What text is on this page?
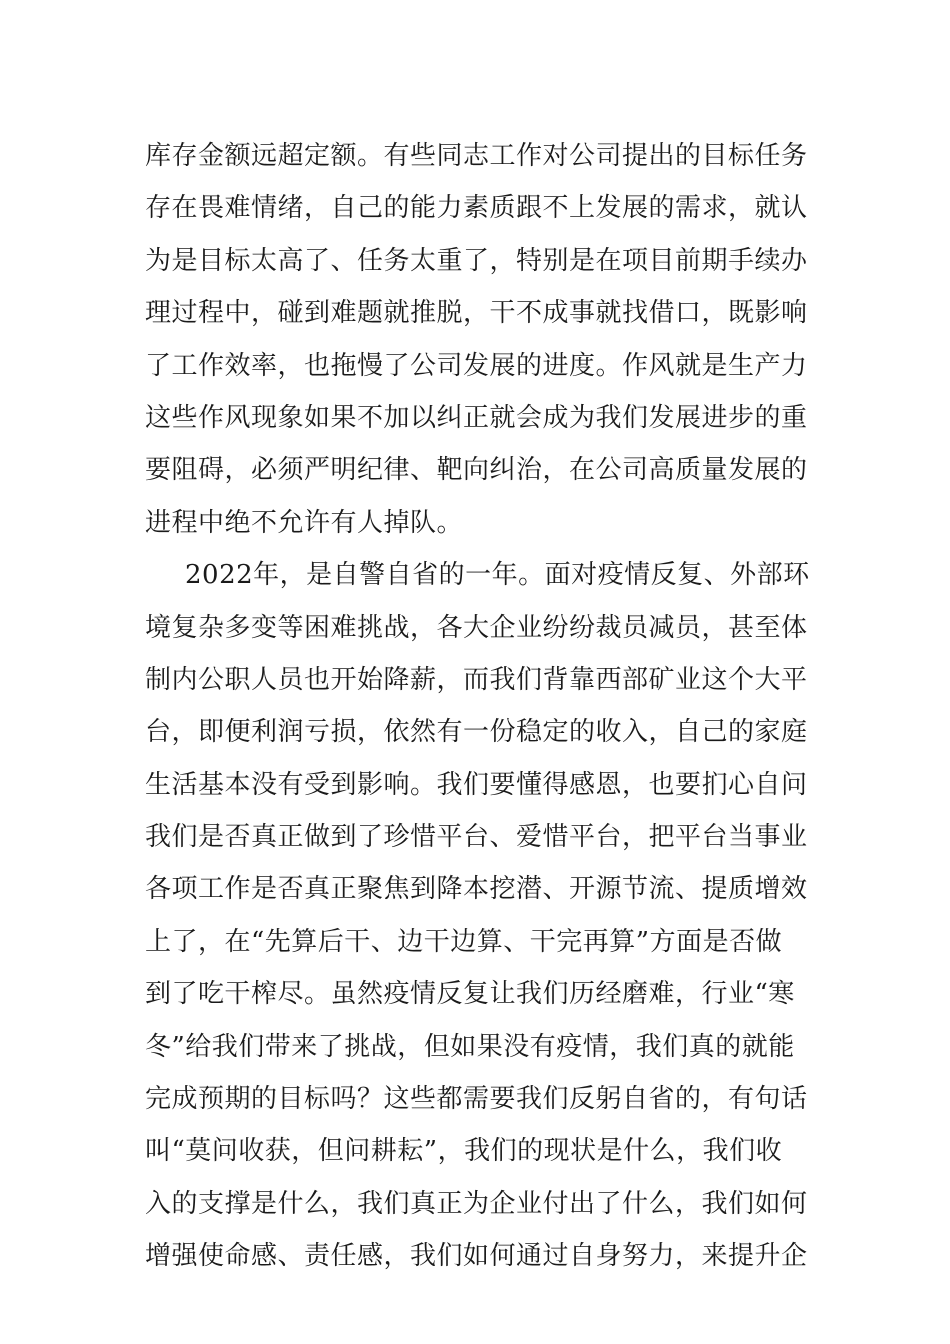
库存金额远超定额。有些同志工作对公司提出的目标任务
存在畏难情绪，自己的能力素质跟不上发展的需求，就认
为是目标太高了、任务太重了，特别是在项目前期手续办
理过程中，碰到难题就推脱，干不成事就找借口，既影响
了工作效率，也拖慢了公司发展的进度。作风就是生产力
这些作风现象如果不加以纠正就会成为我们发展进步的重
要阻碍，必须严明纪律、靶向纠治，在公司高质量发展的
进程中绝不允许有人掉队。
2022年，是自警自省的一年。面对疫情反复、外部环
境复杂多变等困难挑战，各大企业纷纷裁员减员，甚至体
制内公职人员也开始降薪，而我们背靠西部矿业这个大平
台，即便利润亏损，依然有一份稳定的收入，自己的家庭
生活基本没有受到影响。我们要懂得感恩，也要扪心自问
我们是否真正做到了珍惜平台、爱惜平台，把平台当事业
各项工作是否真正聚焦到降本挖潜、开源节流、提质增效
上了，在“先算后干、边干边算、干完再算”方面是否做
到了吃干榨尽。虽然疫情反复让我们历经磨难，行业“寒
冬”给我们带来了挑战，但如果没有疫情，我们真的就能
完成预期的目标吗？这些都需要我们反躬自省的，有句话
叫“莫问收获，但问耕耘”，我们的现状是什么，我们收
入的支撑是什么，我们真正为企业付出了什么，我们如何
增强使命感、责任感，我们如何通过自身努力，来提升企
